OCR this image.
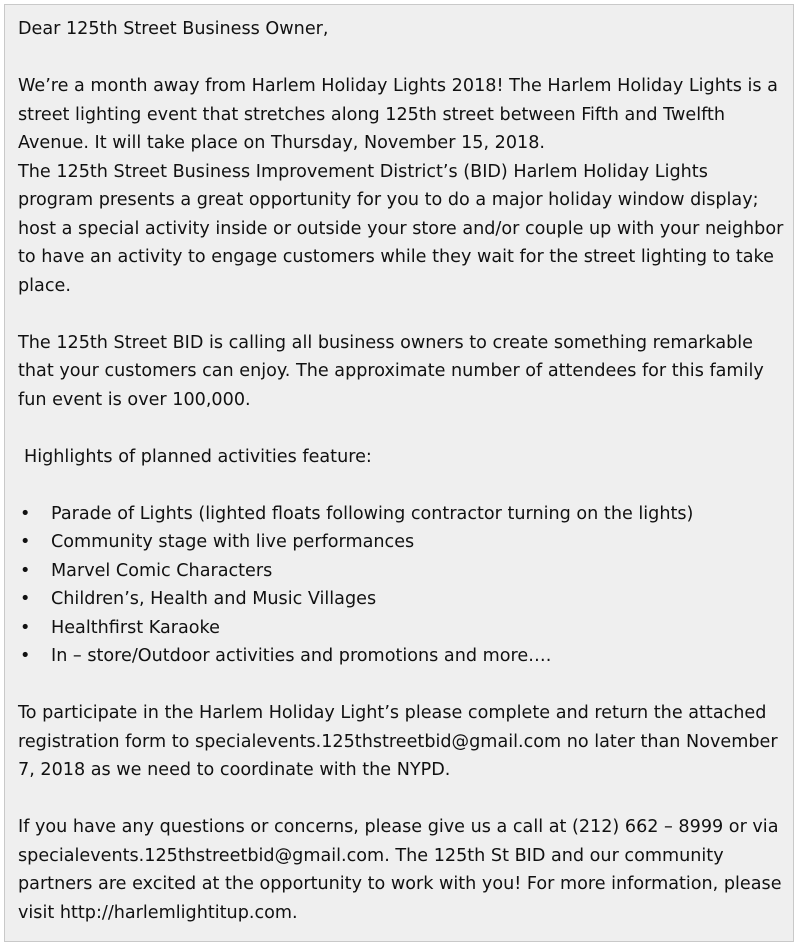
Dear 125th Street Business Owner,

We’re a month away from Harlem Holiday Lights 2018! The Harlem Holiday Lights is a street lighting event that stretches along 125th street between Fifth and Twelfth Avenue. It will take place on Thursday, November 15, 2018.

The 125th Street Business Improvement District’s (BID) Harlem Holiday Lights program presents a great opportunity for you to do a major holiday window display; host a special activity inside or outside your store and/or couple up with your neighbor to have an activity to engage customers while they wait for the street lighting to take place.

The 125th Street BID is calling all business owners to create something remarkable that your customers can enjoy. The approximate number of attendees for this family fun event is over 100,000.

Highlights of planned activities feature:

• Parade of Lights (lighted floats following contractor turning on the lights)
• Community stage with live performances
• Marvel Comic Characters
• Children’s, Health and Music Villages
• Healthfirst Karaoke
• In – store/Outdoor activities and promotions and more….

To participate in the Harlem Holiday Light’s please complete and return the attached registration form to specialevents.125thstreetbid@gmail.com no later than November 7, 2018 as we need to coordinate with the NYPD.

If you have any questions or concerns, please give us a call at (212) 662 – 8999 or via specialevents.125thstreetbid@gmail.com. The 125th St BID and our community partners are excited at the opportunity to work with you! For more information, please visit http://harlemlightitup.com.
